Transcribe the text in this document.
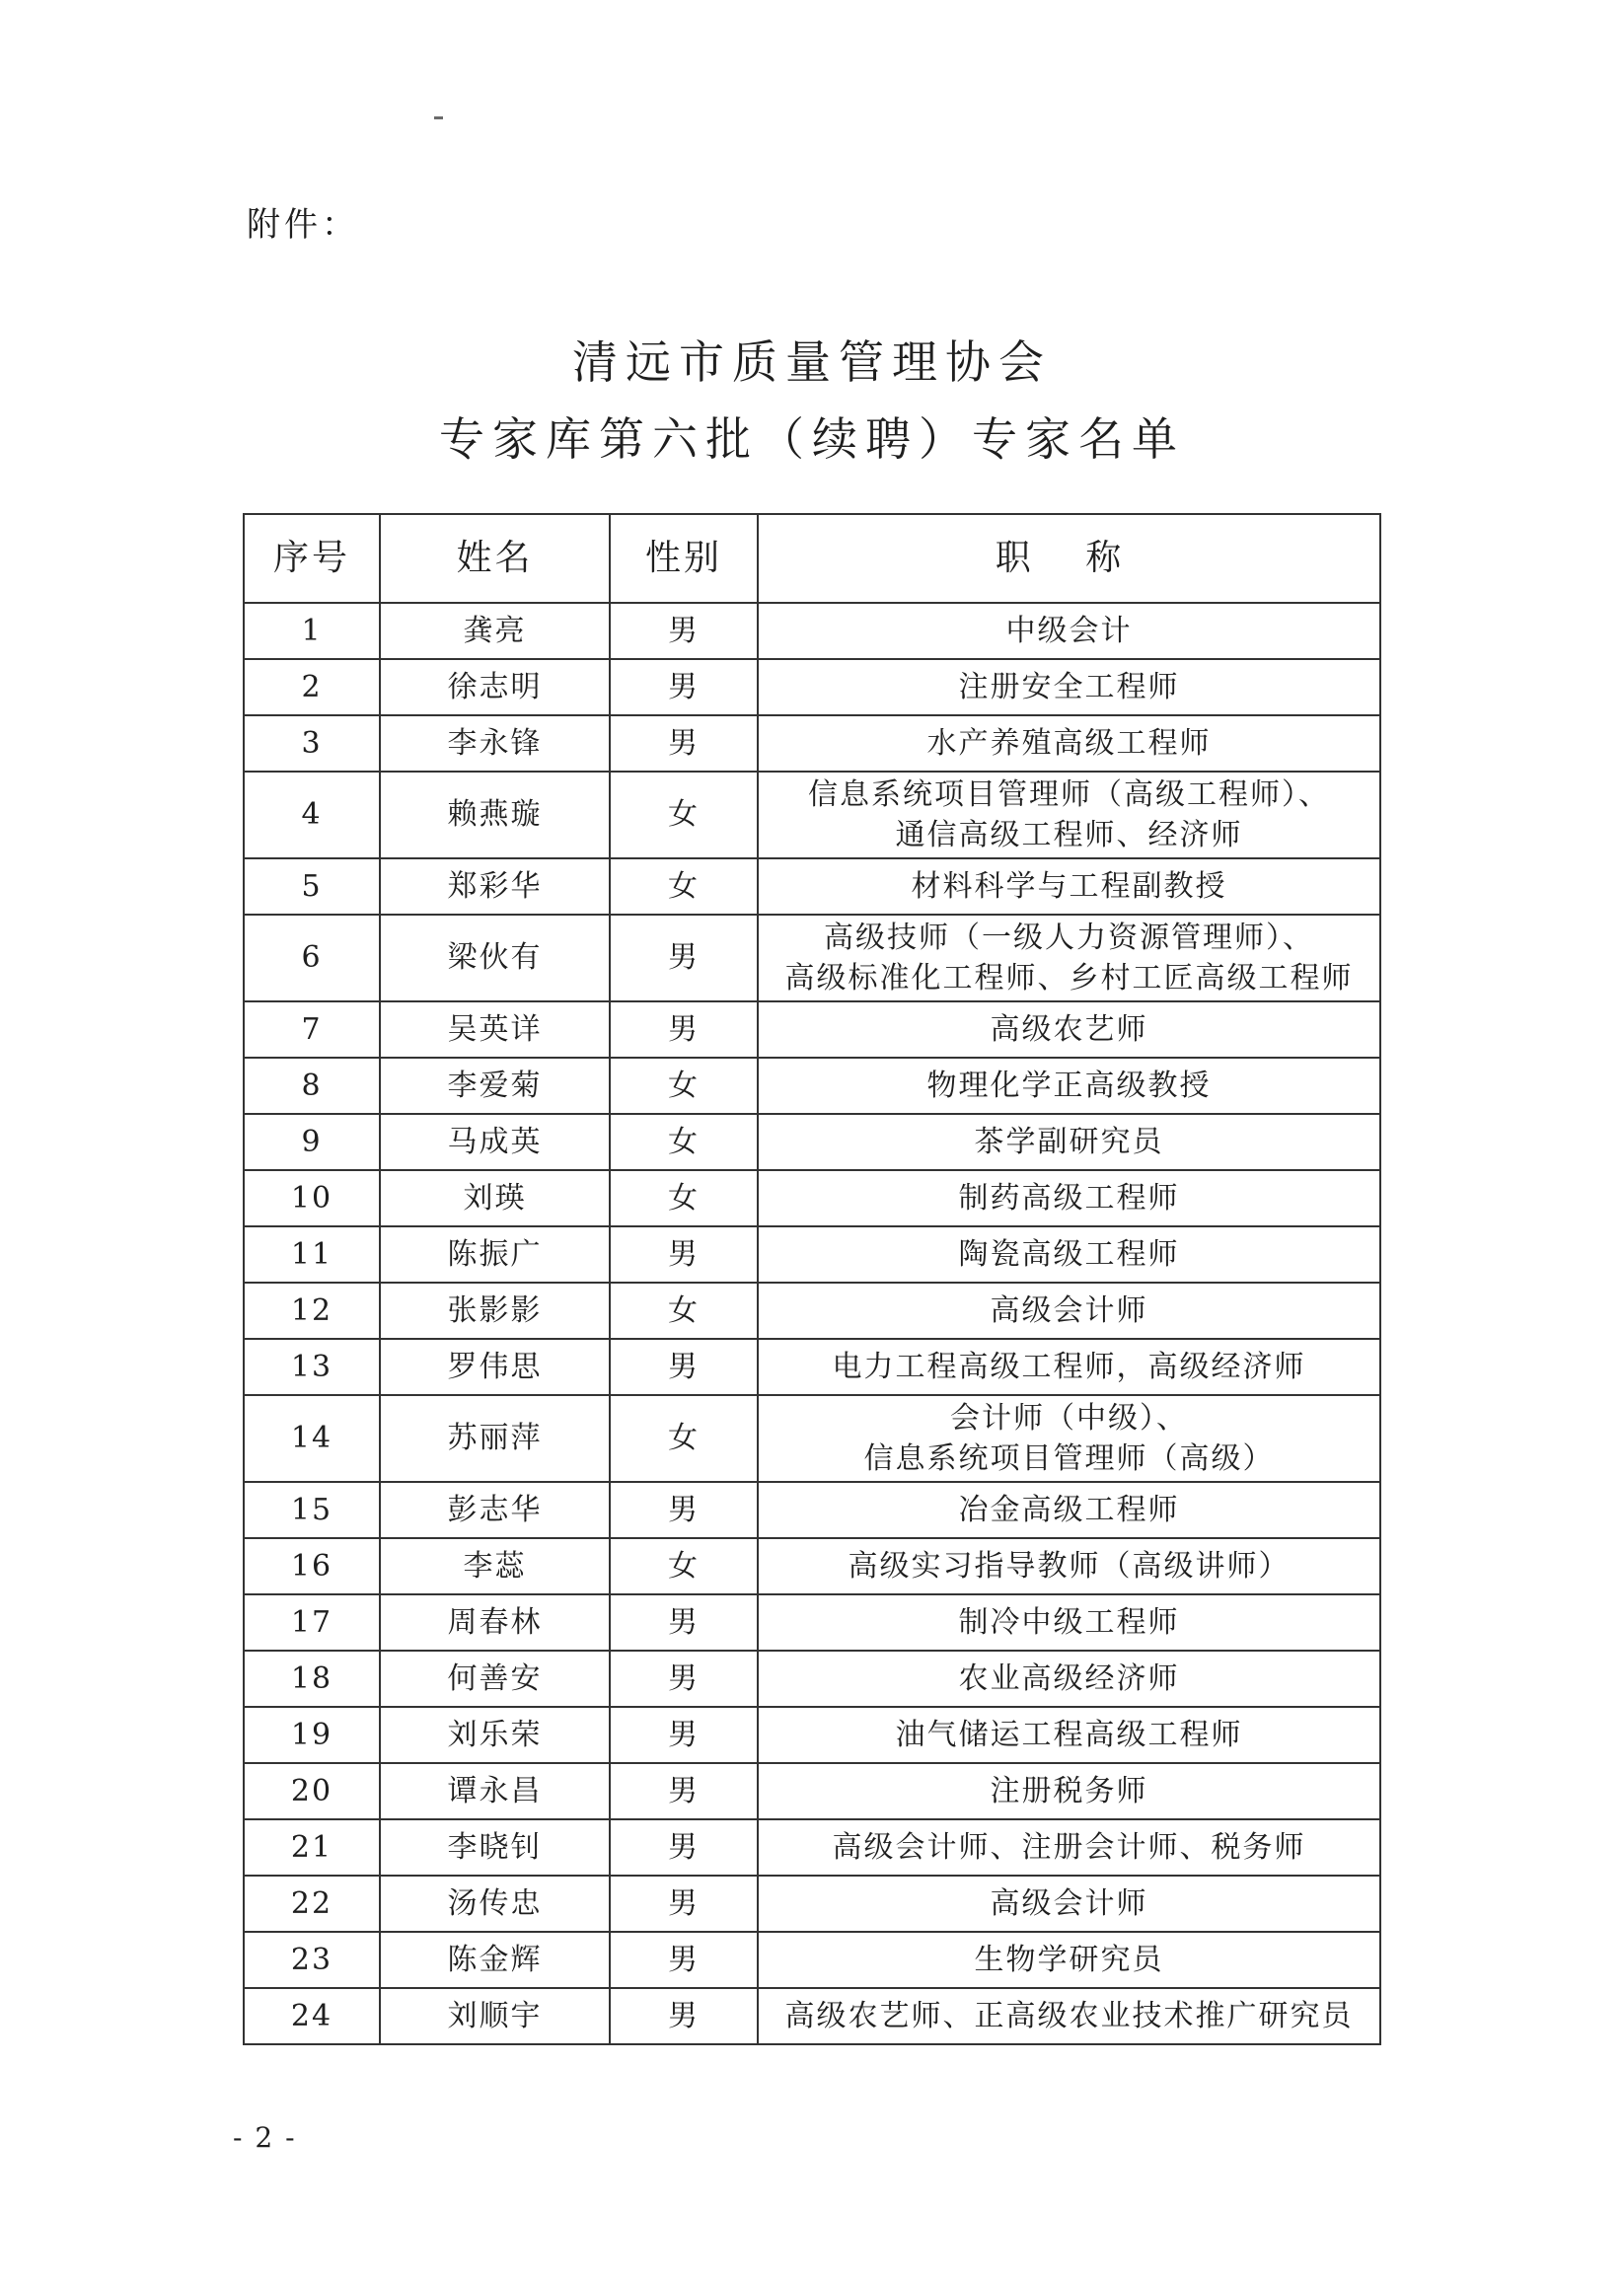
附件：
清远市质量管理协会
专家库第六批（续聘）专家名单
序号	姓名	性别	职 称
1	龚亮	男	中级会计

2	徐志明	男	注册安全工程师

3	李永锋	男	水产养殖高级工程师

4	赖燕璇	女	信息系统项目管理师（高级工程师）、
通信高级工程师、经济师

5	郑彩华	女	材料科学与工程副教授

6	梁伙有	男	高级技师（一级人力资源管理师）、
高级标准化工程师、乡村工匠高级工程师

7	吴英详	男	高级农艺师

8	李爱菊	女	物理化学正高级教授

9	马成英	女	茶学副研究员

10	刘瑛	女	制药高级工程师

11	陈振广	男	陶瓷高级工程师

12	张影影	女	高级会计师

13	罗伟思	男	电力工程高级工程师，高级经济师

14	苏丽萍	女	会计师（中级）、
信息系统项目管理师（高级）

15	彭志华	男	冶金高级工程师

16	李蕊	女	高级实习指导教师（高级讲师）

17	周春林	男	制冷中级工程师

18	何善安	男	农业高级经济师

19	刘乐荣	男	油气储运工程高级工程师

20	谭永昌	男	注册税务师

21	李晓钊	男	高级会计师、注册会计师、税务师

22	汤传忠	男	高级会计师

23	陈金辉	男	生物学研究员

24	刘顺宇	男	高级农艺师、正高级农业技术推广研究员
- 2 -
